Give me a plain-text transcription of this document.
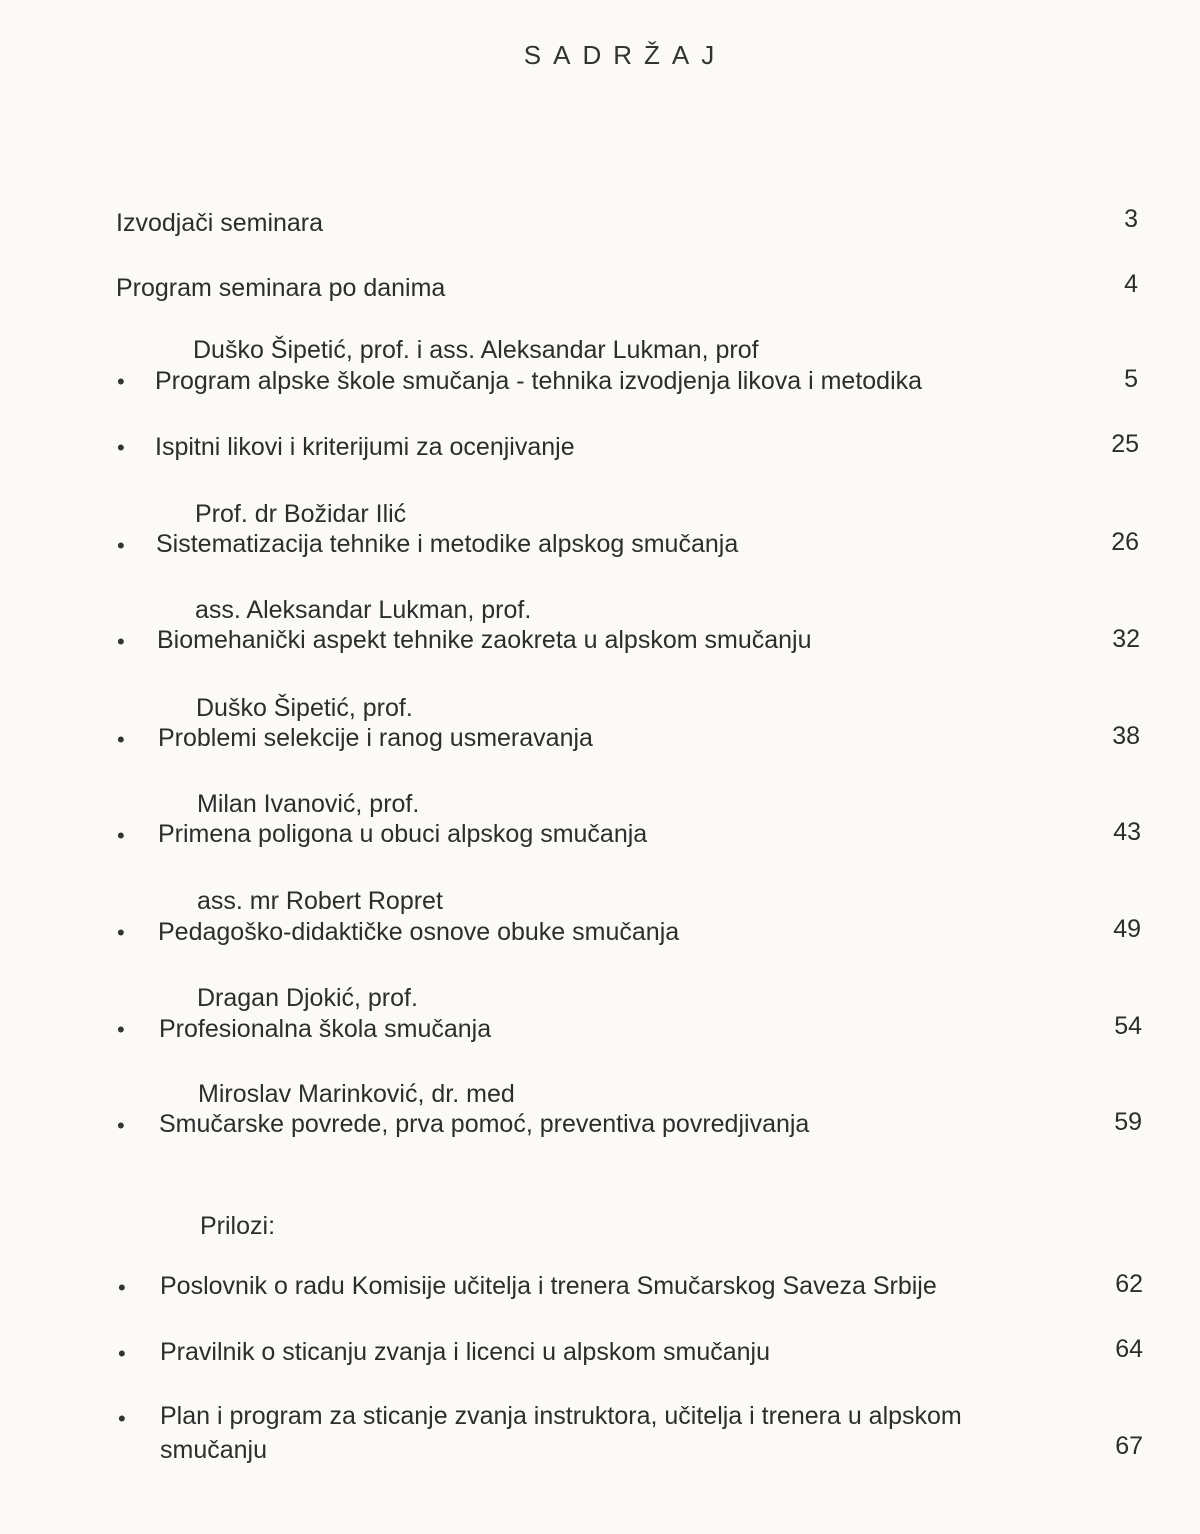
SADRŽAJ
Izvodjači seminara	3
Program seminara po danima	4
Duško Šipetić, prof. i ass. Aleksandar Lukman, prof
• Program alpske škole smučanja - tehnika izvodjenja likova i metodika	5
• Ispitni likovi i kriterijumi za ocenjivanje	25
Prof. dr Božidar Ilić
• Sistematizacija tehnike i metodike alpskog smučanja	26
ass. Aleksandar Lukman, prof.
• Biomehanički aspekt tehnike zaokreta u alpskom smučanju	32
Duško Šipetić, prof.
• Problemi selekcije i ranog usmeravanja	38
Milan Ivanović, prof.
• Primena poligona u obuci alpskog smučanja	43
ass. mr Robert Ropret
• Pedagoško-didaktičke osnove obuke smučanja	49
Dragan Djokić, prof.
• Profesionalna škola smučanja	54
Miroslav Marinković, dr. med
• Smučarske povrede, prva pomoć, preventiva povredjivanja	59
Prilozi:
• Poslovnik o radu Komisije učitelja i trenera Smučarskog Saveza Srbije	62
• Pravilnik o sticanju zvanja i licenci u alpskom smučanju	64
• Plan i program za sticanje zvanja instruktora, učitelja i trenera u alpskom
smučanju	67
